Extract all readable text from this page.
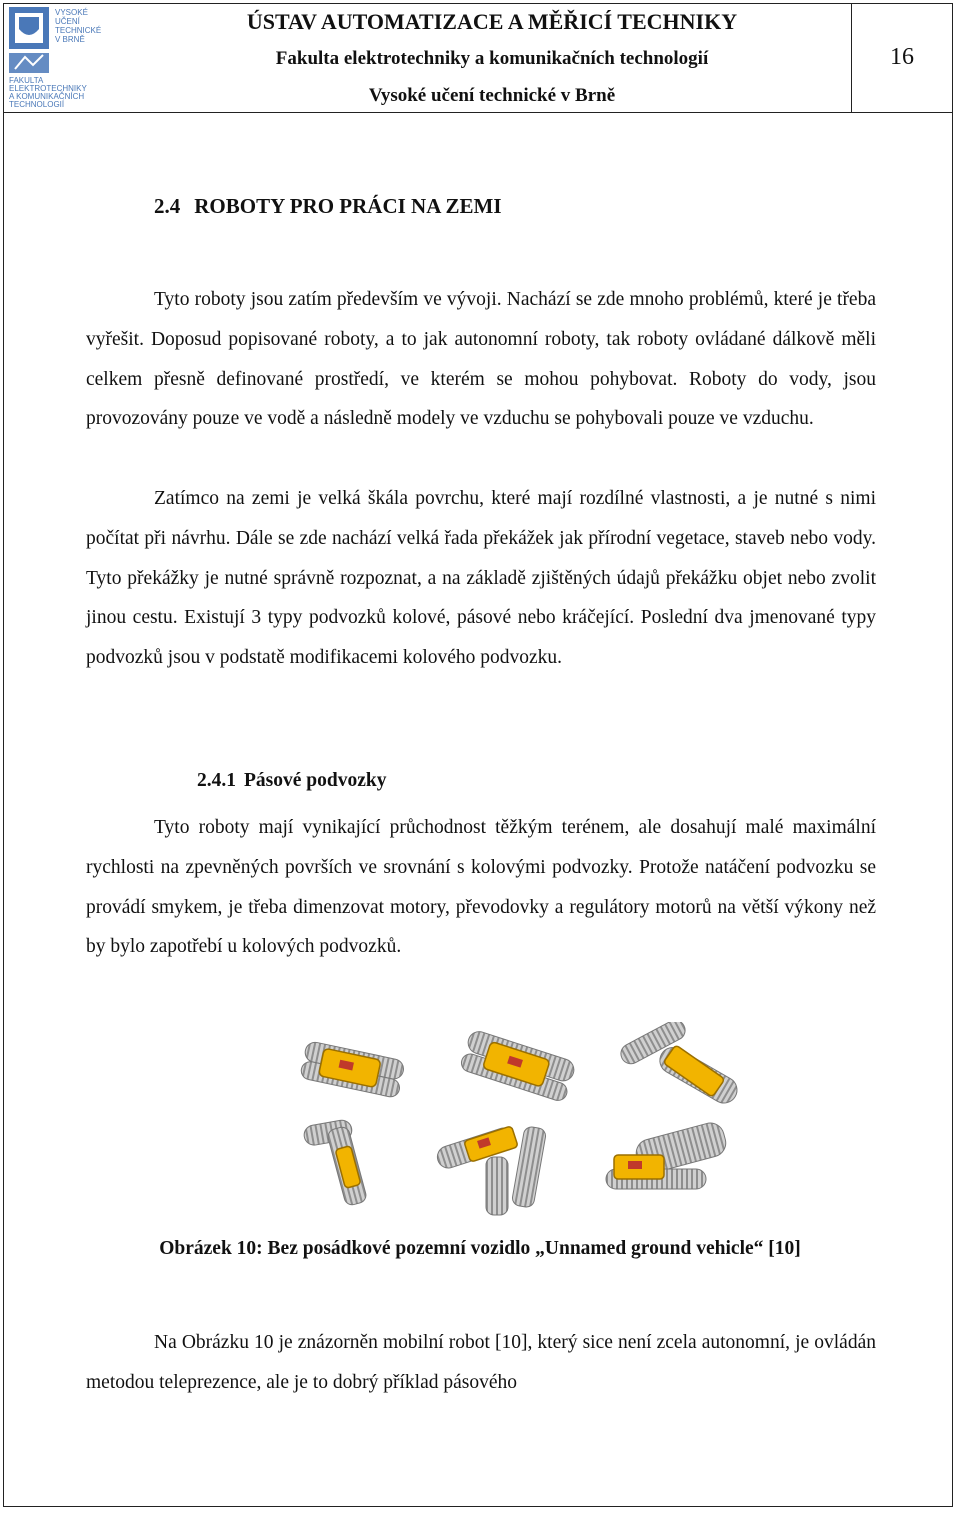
VYSOKÉ
UČENÍ
TECHNICKÉ
V BRNĚ
FAKULTA
ELEKTROTECHNIKY
A KOMUNIKAČNÍCH
TECHNOLOGIÍ
ÚSTAV AUTOMATIZACE A MĚŘICÍ TECHNIKY
Fakulta elektrotechniky a komunikačních technologií
Vysoké učení technické v Brně
16
2.4 ROBOTY PRO PRÁCI NA ZEMI

Tyto roboty jsou zatím především ve vývoji. Nachází se zde mnoho problémů, které je třeba vyřešit. Doposud popisované roboty, a to jak autonomní roboty, tak roboty ovládané dálkově měli celkem přesně definované prostředí, ve kterém se mohou pohybovat. Roboty do vody, jsou provozovány pouze ve vodě a následně modely ve vzduchu se pohybovali pouze ve vzduchu.

Zatímco na zemi je velká škála povrchu, které mají rozdílné vlastnosti, a je nutné s nimi počítat při návrhu. Dále se zde nachází velká řada překážek jak přírodní vegetace, staveb nebo vody. Tyto překážky je nutné správně rozpoznat, a na základě zjištěných údajů překážku objet nebo zvolit jinou cestu. Existují 3 typy podvozků kolové, pásové nebo kráčející. Poslední dva jmenované typy podvozků jsou v podstatě modifikacemi kolového podvozku.

2.4.1 Pásové podvozky

Tyto roboty mají vynikající průchodnost těžkým terénem, ale dosahují malé maximální rychlosti na zpevněných površích ve srovnání s kolovými podvozky. Protože natáčení podvozku se provádí smykem, je třeba dimenzovat motory, převodovky a regulátory motorů na větší výkony než by bylo zapotřebí u kolových podvozků.

Obrázek 10: Bez posádkové pozemní vozidlo „Unnamed ground vehicle“ [10]

Na Obrázku 10 je znázorněn mobilní robot [10], který sice není zcela autonomní, je ovládán metodou teleprezence, ale je to dobrý příklad pásového
